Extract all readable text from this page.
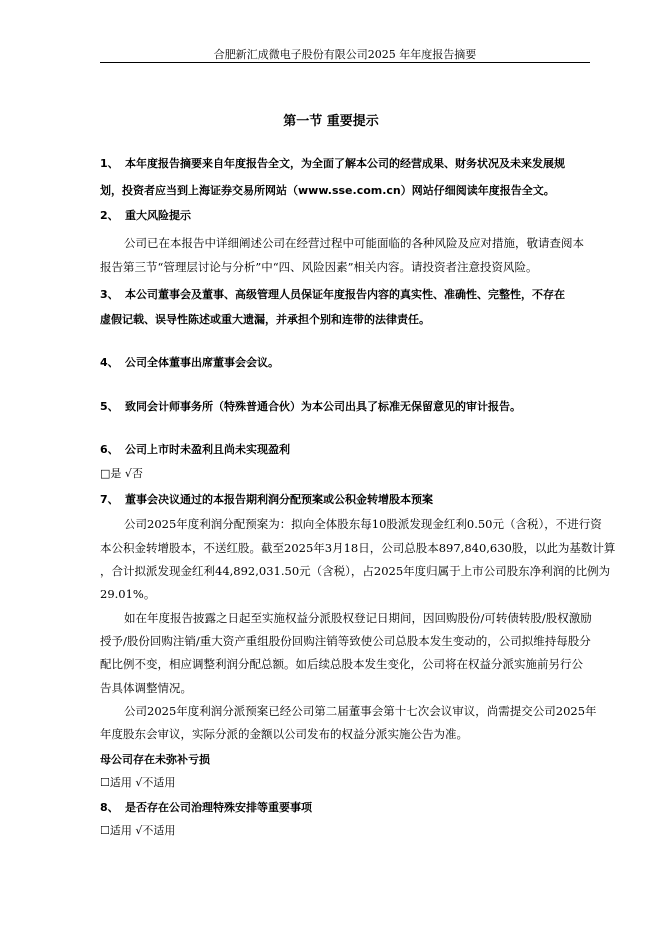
合肥新汇成微电子股份有限公司2025 年年度报告摘要
第一节 重要提示
1、 本年度报告摘要来自年度报告全文，为全面了解本公司的经营成果、财务状况及未来发展规
划，投资者应当到上海证券交易所网站（www.sse.com.cn）网站仔细阅读年度报告全文。
2、 重大风险提示
公司已在本报告中详细阐述公司在经营过程中可能面临的各种风险及应对措施，敬请查阅本
报告第三节“管理层讨论与分析”中“四、风险因素”相关内容。请投资者注意投资风险。
3、 本公司董事会及董事、高级管理人员保证年度报告内容的真实性、准确性、完整性，不存在
虚假记载、误导性陈述或重大遗漏，并承担个别和连带的法律责任。
4、 公司全体董事出席董事会会议。
5、 致同会计师事务所（特殊普通合伙）为本公司出具了标准无保留意见的审计报告。
6、 公司上市时未盈利且尚未实现盈利
□是 √否
7、 董事会决议通过的本报告期利润分配预案或公积金转增股本预案
公司2025年度利润分配预案为：拟向全体股东每10股派发现金红利0.50元（含税），不进行资
本公积金转增股本，不送红股。截至2025年3月18日，公司总股本897,840,630股，以此为基数计算
，合计拟派发现金红利44,892,031.50元（含税），占2025年度归属于上市公司股东净利润的比例为
29.01%。
如在年度报告披露之日起至实施权益分派股权登记日期间，因回购股份/可转债转股/股权激励
授予/股份回购注销/重大资产重组股份回购注销等致使公司总股本发生变动的，公司拟维持每股分
配比例不变，相应调整利润分配总额。如后续总股本发生变化，公司将在权益分派实施前另行公
告具体调整情况。
公司2025年度利润分派预案已经公司第二届董事会第十七次会议审议，尚需提交公司2025年
年度股东会审议，实际分派的金额以公司发布的权益分派实施公告为准。
母公司存在未弥补亏损
☐适用 √不适用
8、 是否存在公司治理特殊安排等重要事项
☐适用 √不适用
